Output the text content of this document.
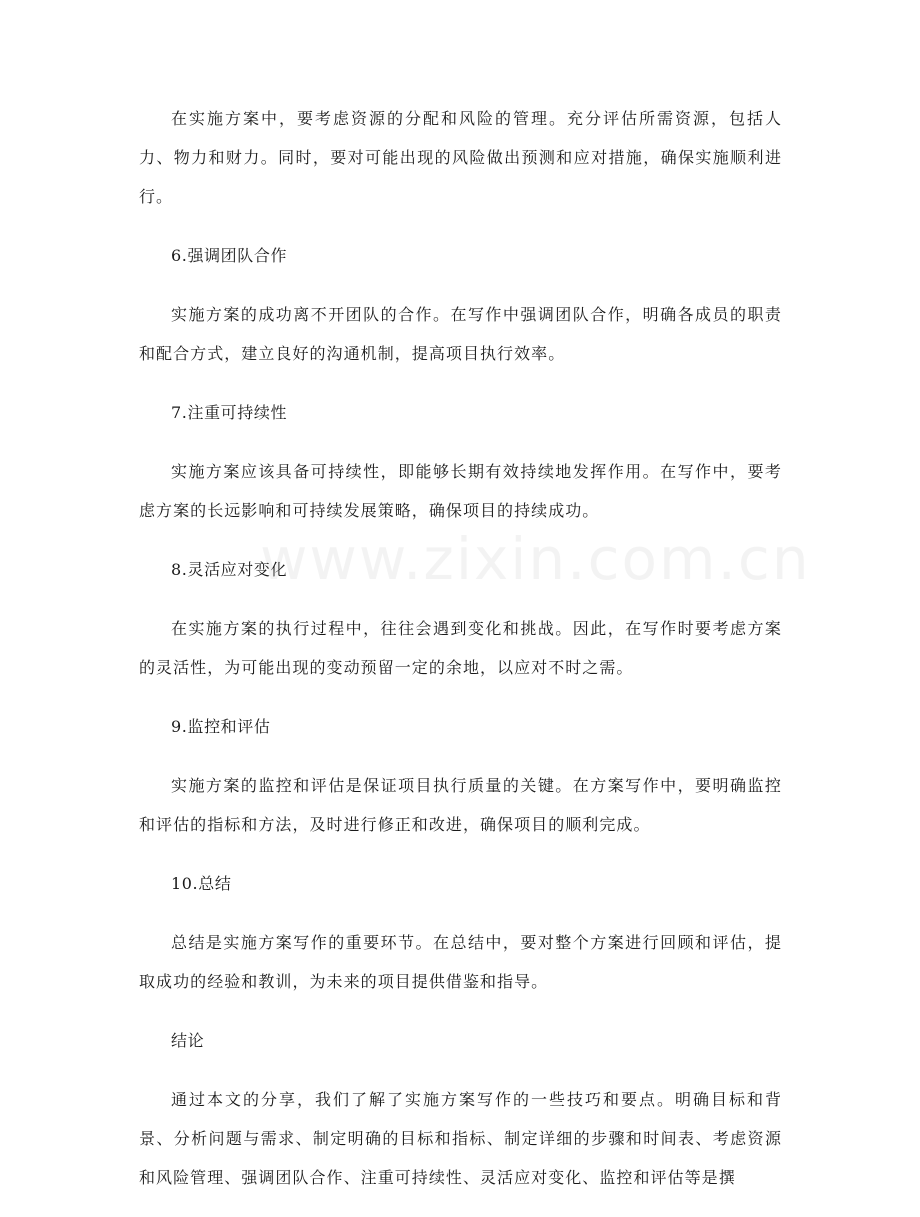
在实施方案中，要考虑资源的分配和风险的管理。充分评估所需资源，包括人力、物力和财力。同时，要对可能出现的风险做出预测和应对措施，确保实施顺利进行。

6.强调团队合作

实施方案的成功离不开团队的合作。在写作中强调团队合作，明确各成员的职责和配合方式，建立良好的沟通机制，提高项目执行效率。

7.注重可持续性

实施方案应该具备可持续性，即能够长期有效持续地发挥作用。在写作中，要考虑方案的长远影响和可持续发展策略，确保项目的持续成功。

8.灵活应对变化

在实施方案的执行过程中，往往会遇到变化和挑战。因此，在写作时要考虑方案的灵活性，为可能出现的变动预留一定的余地，以应对不时之需。

9.监控和评估

实施方案的监控和评估是保证项目执行质量的关键。在方案写作中，要明确监控和评估的指标和方法，及时进行修正和改进，确保项目的顺利完成。

10.总结

总结是实施方案写作的重要环节。在总结中，要对整个方案进行回顾和评估，提取成功的经验和教训，为未来的项目提供借鉴和指导。

结论

通过本文的分享，我们了解了实施方案写作的一些技巧和要点。明确目标和背景、分析问题与需求、制定明确的目标和指标、制定详细的步骤和时间表、考虑资源和风险管理、强调团队合作、注重可持续性、灵活应对变化、监控和评估等是撰

www.zixin.com.cn
